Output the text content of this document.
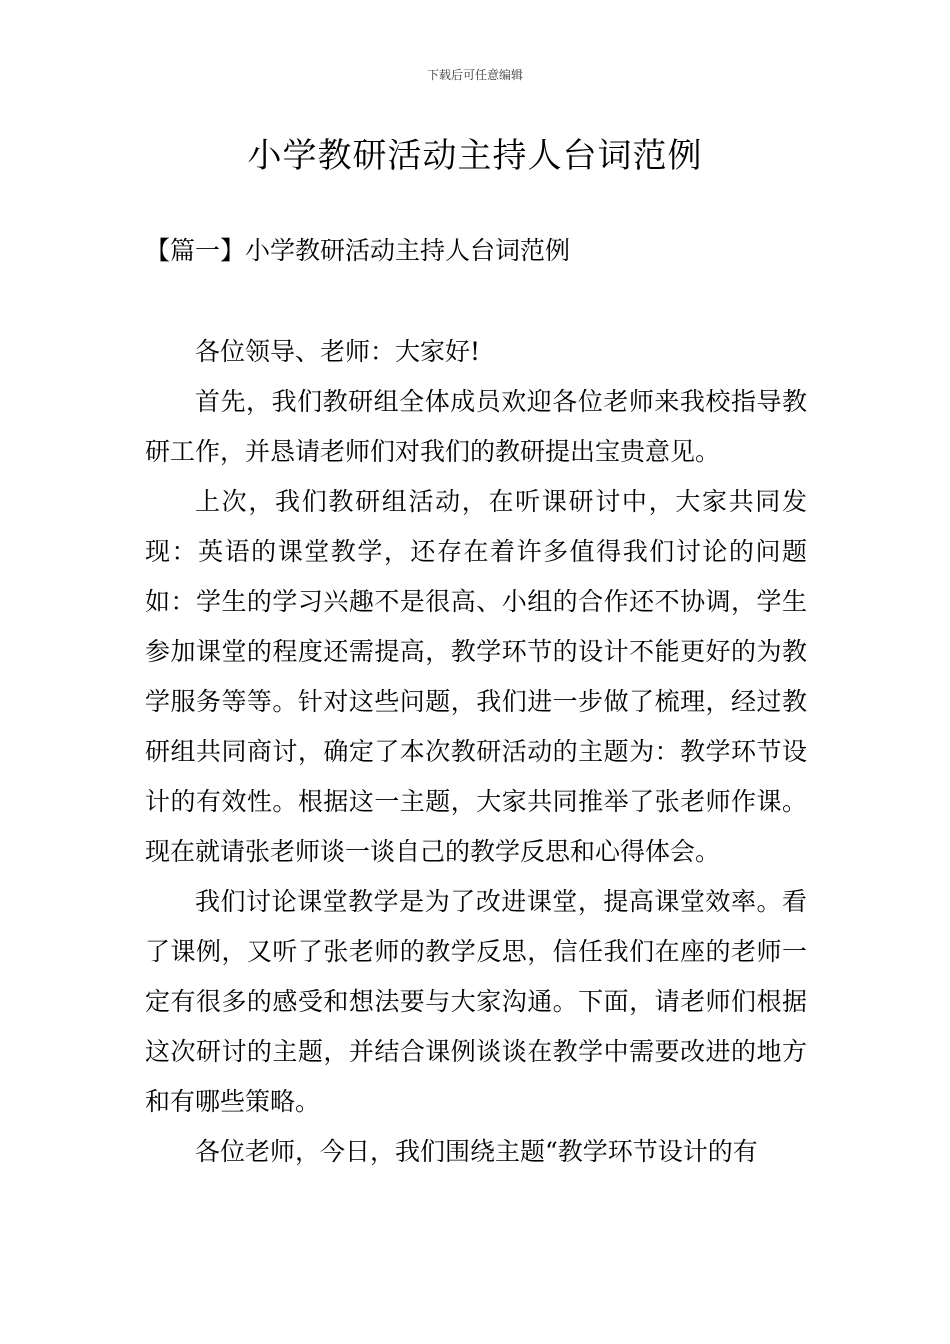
下载后可任意编辑
小学教研活动主持人台词范例
【篇一】小学教研活动主持人台词范例

各位领导、老师：大家好!

首先，我们教研组全体成员欢迎各位老师来我校指导教研工作，并恳请老师们对我们的教研提出宝贵意见。

上次，我们教研组活动，在听课研讨中，大家共同发现：英语的课堂教学，还存在着许多值得我们讨论的问题如：学生的学习兴趣不是很高、小组的合作还不协调，学生参加课堂的程度还需提高，教学环节的设计不能更好的为教学服务等等。针对这些问题，我们进一步做了梳理，经过教研组共同商讨，确定了本次教研活动的主题为：教学环节设计的有效性。根据这一主题，大家共同推举了张老师作课。现在就请张老师谈一谈自己的教学反思和心得体会。

我们讨论课堂教学是为了改进课堂，提高课堂效率。看了课例，又听了张老师的教学反思，信任我们在座的老师一定有很多的感受和想法要与大家沟通。下面，请老师们根据这次研讨的主题，并结合课例谈谈在教学中需要改进的地方和有哪些策略。

各位老师，今日，我们围绕主题“教学环节设计的有
